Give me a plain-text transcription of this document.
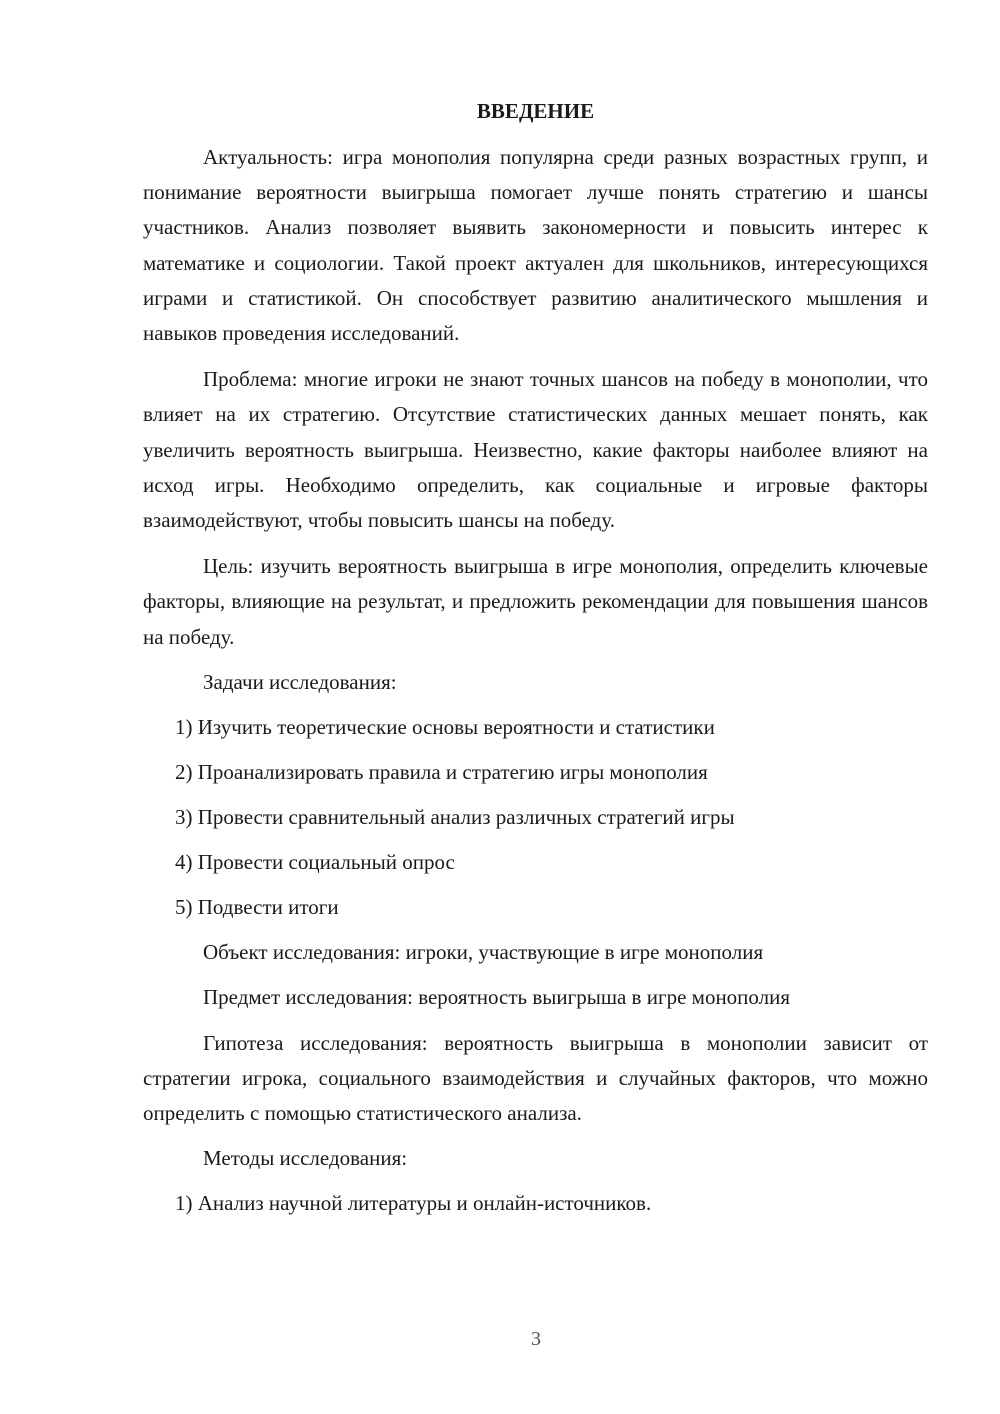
ВВЕДЕНИЕ

Актуальность: игра монополия популярна среди разных возрастных групп, и понимание вероятности выигрыша помогает лучше понять стратегию и шансы участников. Анализ позволяет выявить закономерности и повысить интерес к математике и социологии. Такой проект актуален для школьников, интересующихся играми и статистикой. Он способствует развитию аналитического мышления и навыков проведения исследований.

Проблема: многие игроки не знают точных шансов на победу в монополии, что влияет на их стратегию. Отсутствие статистических данных мешает понять, как увеличить вероятность выигрыша. Неизвестно, какие факторы наиболее влияют на исход игры. Необходимо определить, как социальные и игровые факторы взаимодействуют, чтобы повысить шансы на победу.

Цель: изучить вероятность выигрыша в игре монополия, определить ключевые факторы, влияющие на результат, и предложить рекомендации для повышения шансов на победу.

Задачи исследования:

1) Изучить теоретические основы вероятности и статистики

2) Проанализировать правила и стратегию игры монополия

3) Провести сравнительный анализ различных стратегий игры

4) Провести социальный опрос

5) Подвести итоги

Объект исследования: игроки, участвующие в игре монополия

Предмет исследования: вероятность выигрыша в игре монополия

Гипотеза исследования: вероятность выигрыша в монополии зависит от стратегии игрока, социального взаимодействия и случайных факторов, что можно определить с помощью статистического анализа.

Методы исследования:

1) Анализ научной литературы и онлайн-источников.

3
